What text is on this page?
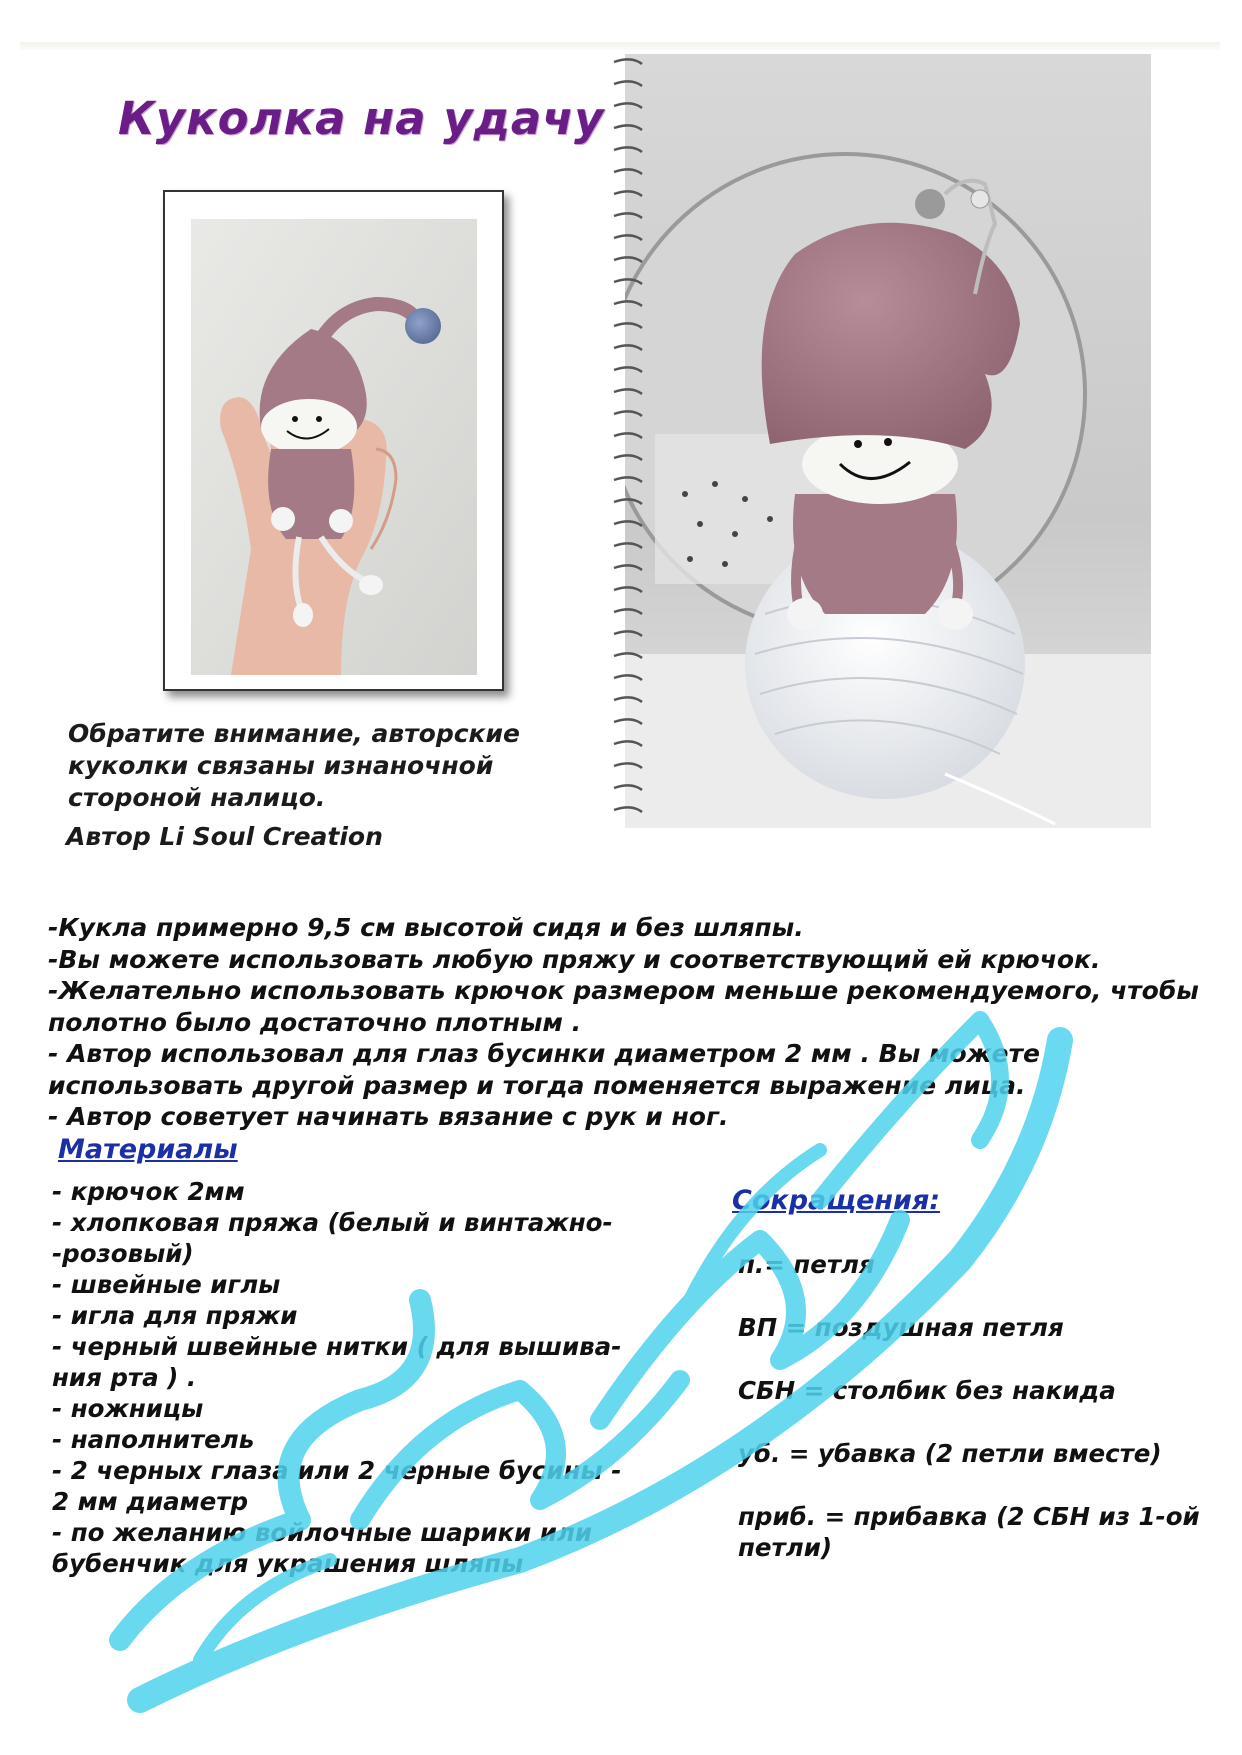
Куколка на удачу

Обратите внимание, авторские
куколки связаны изнаночной
стороной налицо.

Автор Li Soul Creation
-Кукла примерно 9,5 см высотой сидя и без шляпы.
-Вы можете использовать любую пряжу и соответствующий ей крючок.
-Желательно использовать крючок размером меньше рекомендуемого, чтобы
полотно было достаточно плотным .
- Автор использовал для глаз бусинки диаметром 2 мм . Вы можете
использовать другой размер и тогда поменяется выражение лица.
- Автор советует начинать вязание с рук и ног.
Материалы
- крючок 2мм
- хлопковая пряжа (белый и винтажно-
-розовый)
- швейные иглы
- игла для пряжи
- черный швейные нитки ( для вышива-
ния рта ) .
- ножницы
- наполнитель
- 2 черных глаза или 2 черные бусины -
2 мм диаметр
- по желанию войлочные шарики или
бубенчик для украшения шляпы
Сокращения:
п.= петля
ВП = поздушная петля
СБН = столбик без накида
уб. = убавка (2 петли вместе)
приб. = прибавка (2 СБН из 1-ой петли)
